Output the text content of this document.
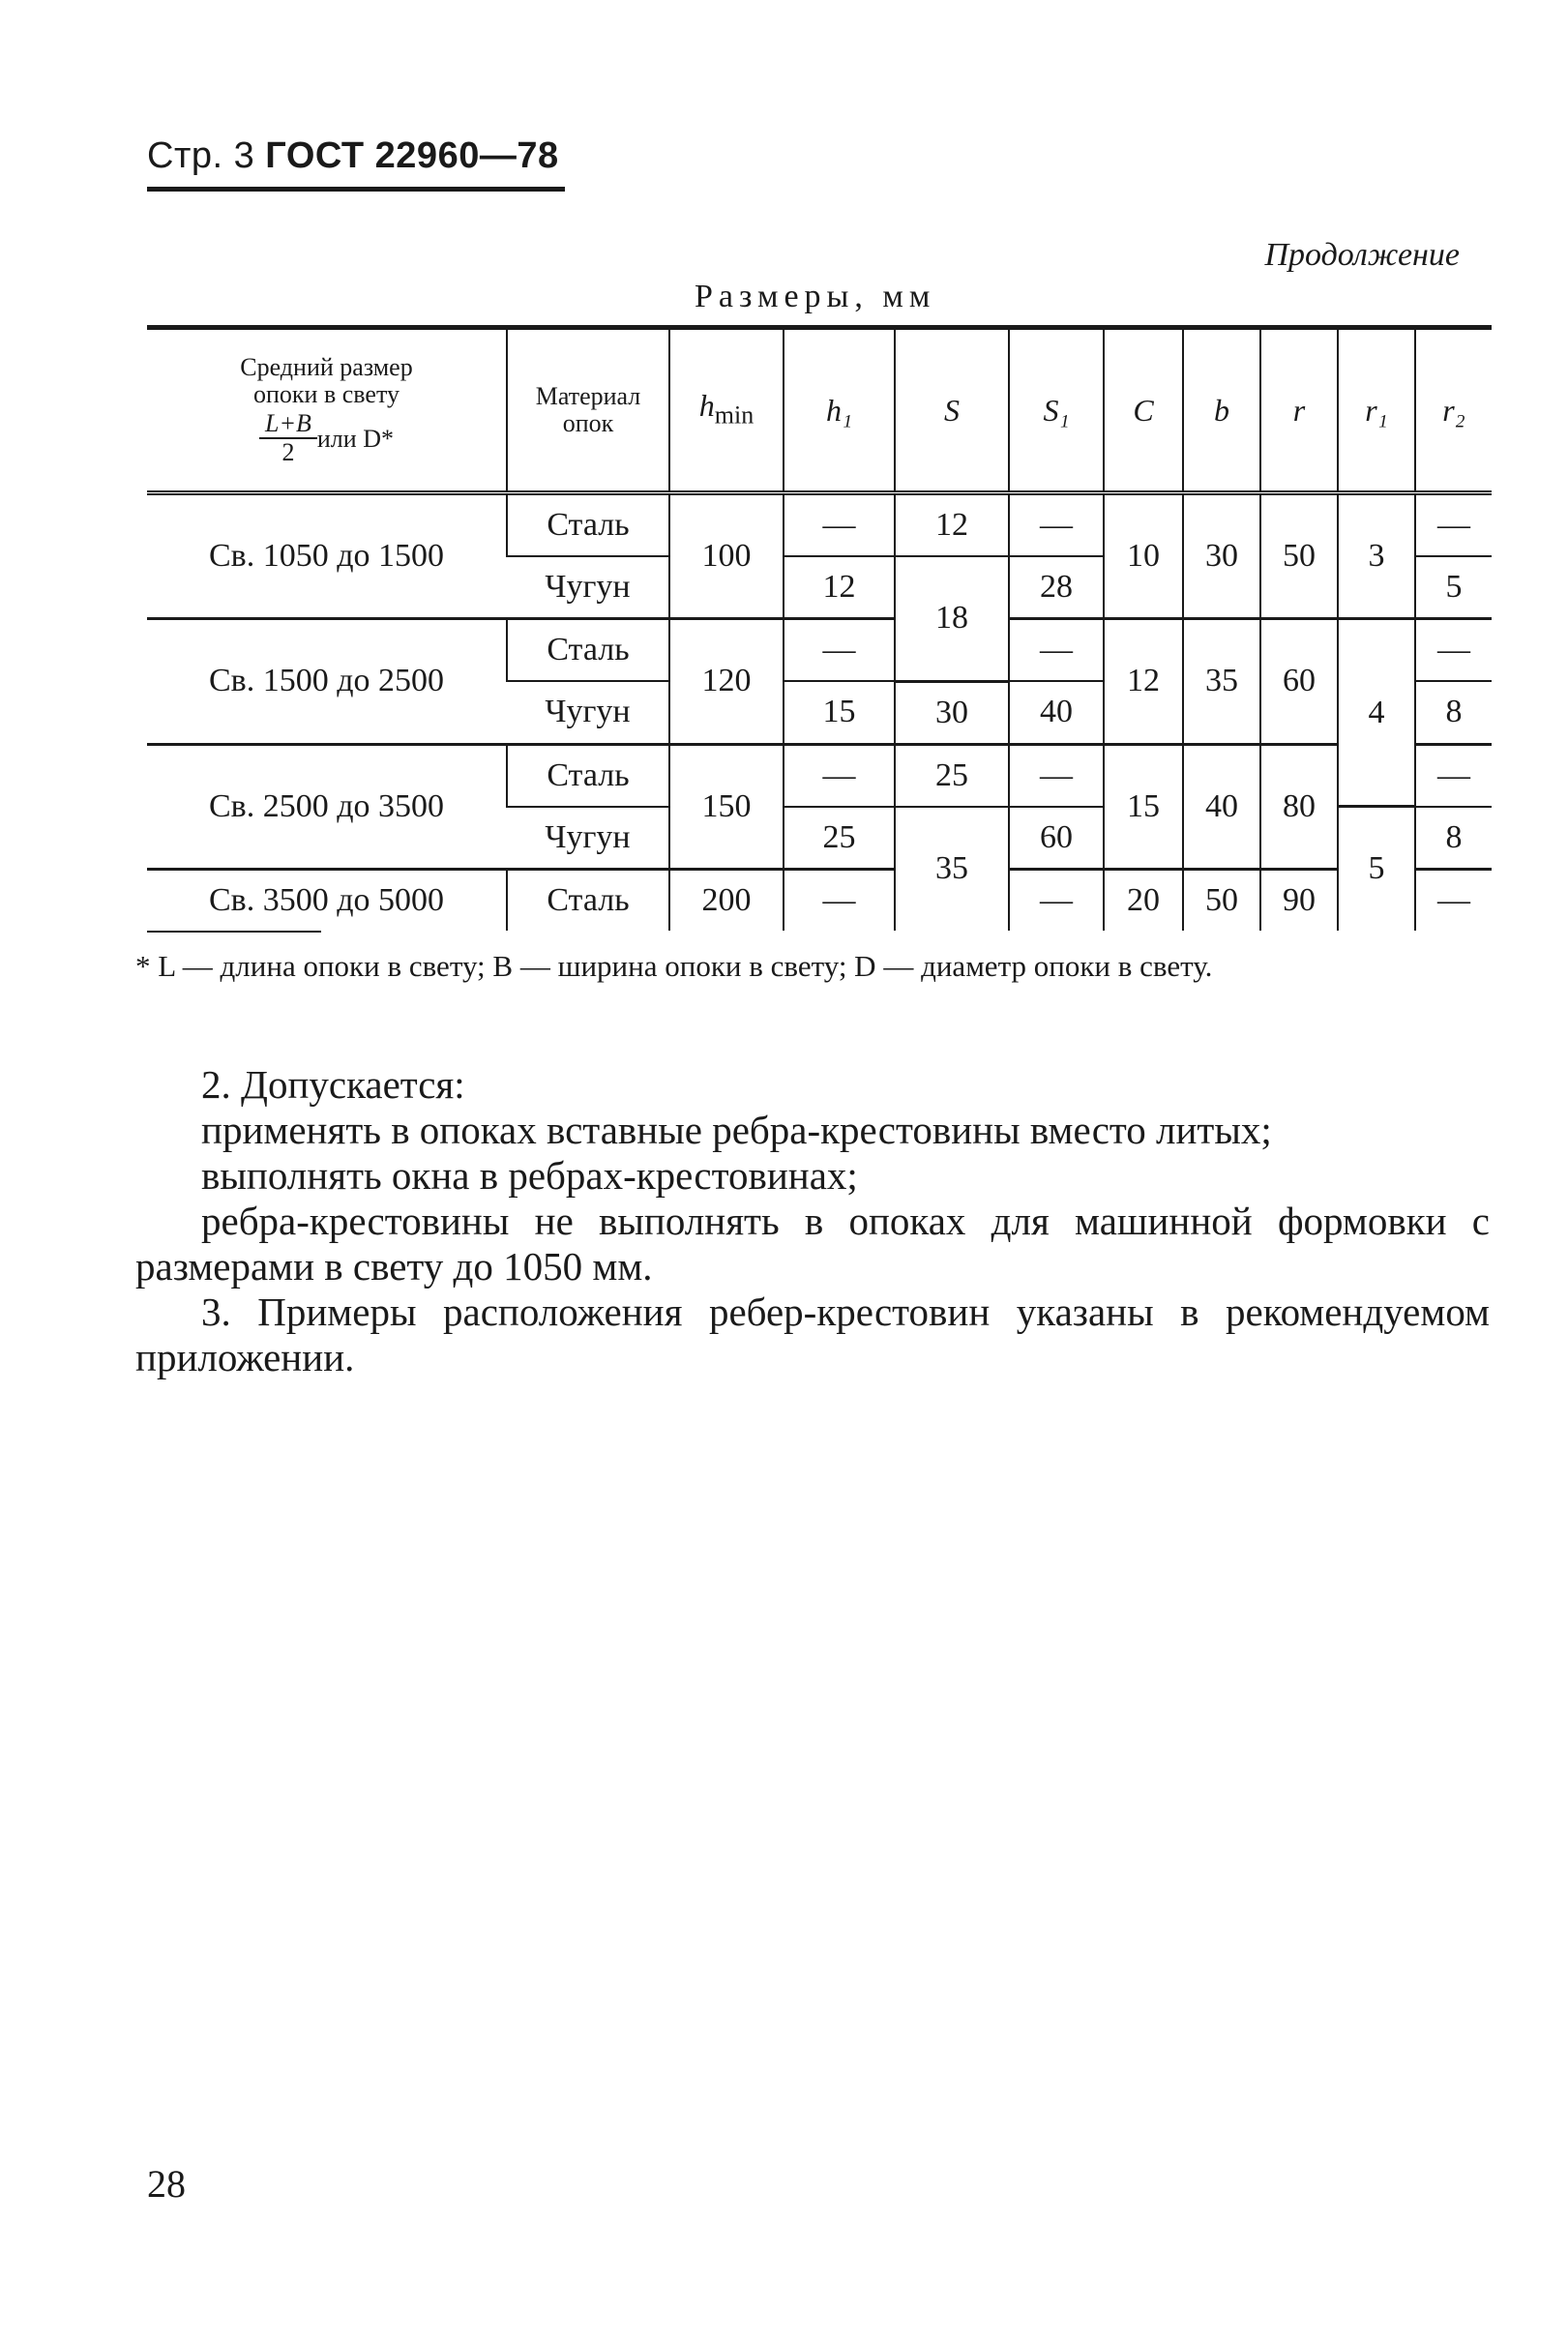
Стр. 3 ГОСТ 22960—78
Продолжение
Размеры, мм
Средний размер
опоки в свету
$\frac{L+B}{2}или$ D*	Материал опок	$h_{min}$	h₁	S	S₁	C	b	r	r₁	r₂
Св. 1050 до 1500	Сталь	100	—	12	—	10	30	50	3	—
	Чугун		12	18	28					5
Св. 1500 до 2500	Сталь	120	—		—	12	35	60	4	—
	Чугун		15	30	40					8
Св. 2500 до 3500	Сталь	150	—	25	—	15	40	80		—
	Чугун		25	35	60				5	8
Св. 3500 до 5000	Сталь	200	—		—	20	50	90		—
* L — длина опоки в свету; B — ширина опоки в свету; D — диаметр опоки в свету.

2. Допускается:

применять в опоках вставные ребра-крестовины вместо литых;

выполнять окна в ребрах-крестовинах;

ребра-крестовины не выполнять в опоках для машинной формовки с размерами в свету до 1050 мм.

3. Примеры расположения ребер-крестовин указаны в рекомендуемом приложении.

28
